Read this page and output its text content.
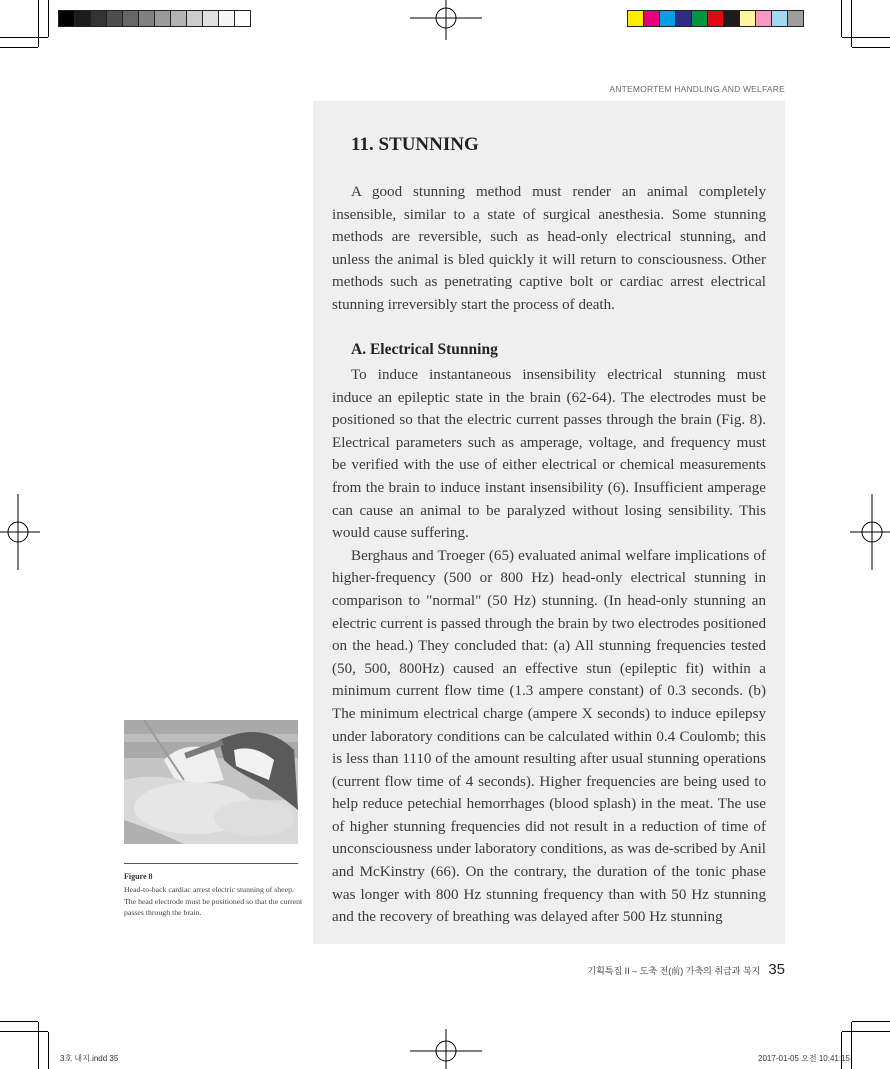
ANTEMORTEM HANDLING AND WELFARE
11. STUNNING

A good stunning method must render an animal completely insensible, similar to a state of surgical anesthesia. Some stunning methods are reversible, such as head-only electrical stunning, and unless the animal is bled quickly it will return to consciousness. Other methods such as penetrating captive bolt or cardiac arrest electrical stunning irreversibly start the process of death.

A. Electrical Stunning

To induce instantaneous insensibility electrical stunning must induce an epileptic state in the brain (62-64). The electrodes must be positioned so that the electric current passes through the brain (Fig. 8). Electrical parameters such as amperage, voltage, and frequency must be verified with the use of either electrical or chemical measurements from the brain to induce instant insensibility (6). Insufficient amperage can cause an animal to be paralyzed without losing sensibility. This would cause suffering.

Berghaus and Troeger (65) evaluated animal welfare implications of higher-frequency (500 or 800 Hz) head-only electrical stunning in comparison to "normal" (50 Hz) stunning. (In head-only stunning an electric current is passed through the brain by two electrodes positioned on the head.) They concluded that: (a) All stunning frequencies tested (50, 500, 800Hz) caused an effective stun (epileptic fit) within a minimum current flow time (1.3 ampere constant) of 0.3 seconds. (b) The minimum electrical charge (ampere X seconds) to induce epilepsy under laboratory conditions can be calculated within 0.4 Coulomb; this is less than 1110 of the amount resulting after usual stunning operations (current flow time of 4 seconds). Higher frequencies are being used to help reduce petechial hemorrhages (blood splash) in the meat. The use of higher stunning frequencies did not result in a reduction of time of unconsciousness under laboratory conditions, as was de-scribed by Anil and McKinstry (66). On the contrary, the duration of the tonic phase was longer with 800 Hz stunning frequency than with 50 Hz stunning and the recovery of breathing was delayed after 500 Hz stunning

Figure 8
Head-to-back cardiac arrest electric stunning of sheep. The head electrode must be positioned so that the current passes through the brain.
기획특집 II – 도축 전(前) 가축의 취급과 복지 35
3호 내지.indd 35	2017-01-05 오전 10:41:15
